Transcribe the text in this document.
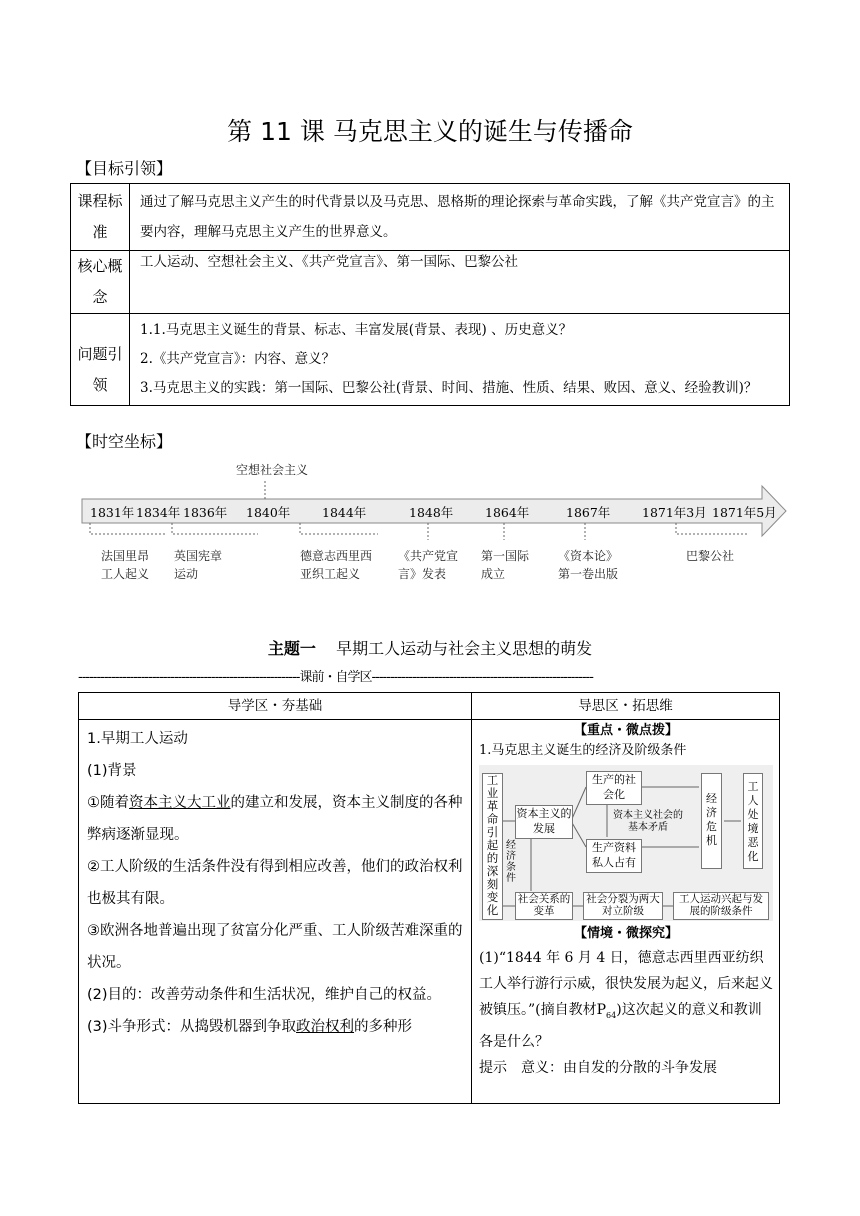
第 11 课 马克思主义的诞生与传播命
【目标引领】
课程标准	通过了解马克思主义产生的时代背景以及马克思、恩格斯的理论探索与革命实践，了解《共产党宣言》的主要内容，理解马克思主义产生的世界意义。
核心概念	工人运动、空想社会主义、《共产党宣言》、第一国际、巴黎公社
问题引领	1.1.马克思主义诞生的背景、标志、丰富发展(背景、表现) 、历史意义？
2.《共产党宣言》：内容、意义？
3.马克思主义的实践：第一国际、巴黎公社(背景、时间、措施、性质、结果、败因、意义、经验教训)？
【时空坐标】
空想社会主义
1831年 1834年 1836年 1840年	1844年	1848年	1864年	1867年	1871年3月 1871年5月
法国里昂
工人起义
英国宪章
运动
德意志西里西
亚织工起义
《共产党宣
言》发表
第一国际
成立
《资本论》
第一卷出版
巴黎公社
主题一 早期工人运动与社会主义思想的萌发
------------------------------------------------------------课前・自学区------------------------------------------------------------
导学区・夯基础	导思区・拓思维
1.早期工人运动
(1)背景
①随着资本主义大工业的建立和发展，资本主义制度的各种弊病逐渐显现。
②工人阶级的生活条件没有得到相应改善，他们的政治权利也极其有限。
③欧洲各地普遍出现了贫富分化严重、工人阶级苦难深重的状况。
(2)目的：改善劳动条件和生活状况，维护自己的权益。
(3)斗争形式：从捣毁机器到争取政治权利的多种形
【重点・微点拨】
1.马克思主义诞生的经济及阶级条件
工业革命引起的深刻变化
资本主义的发展
经济条件
生产的社会化
资本主义社会的基本矛盾
生产资料私人占有
经济危机
工人处境恶化
社会关系的变革
社会分裂为两大对立阶级
工人运动兴起与发展的阶级条件
【情境・微探究】
(1)“1844 年 6 月 4 日，德意志西里西亚纺织工人举行游行示威，很快发展为起义，后来起义被镇压。”(摘自教材$P_{64}$)这次起义的意义和教训各是什么？
提示　意义：由自发的分散的斗争发展
